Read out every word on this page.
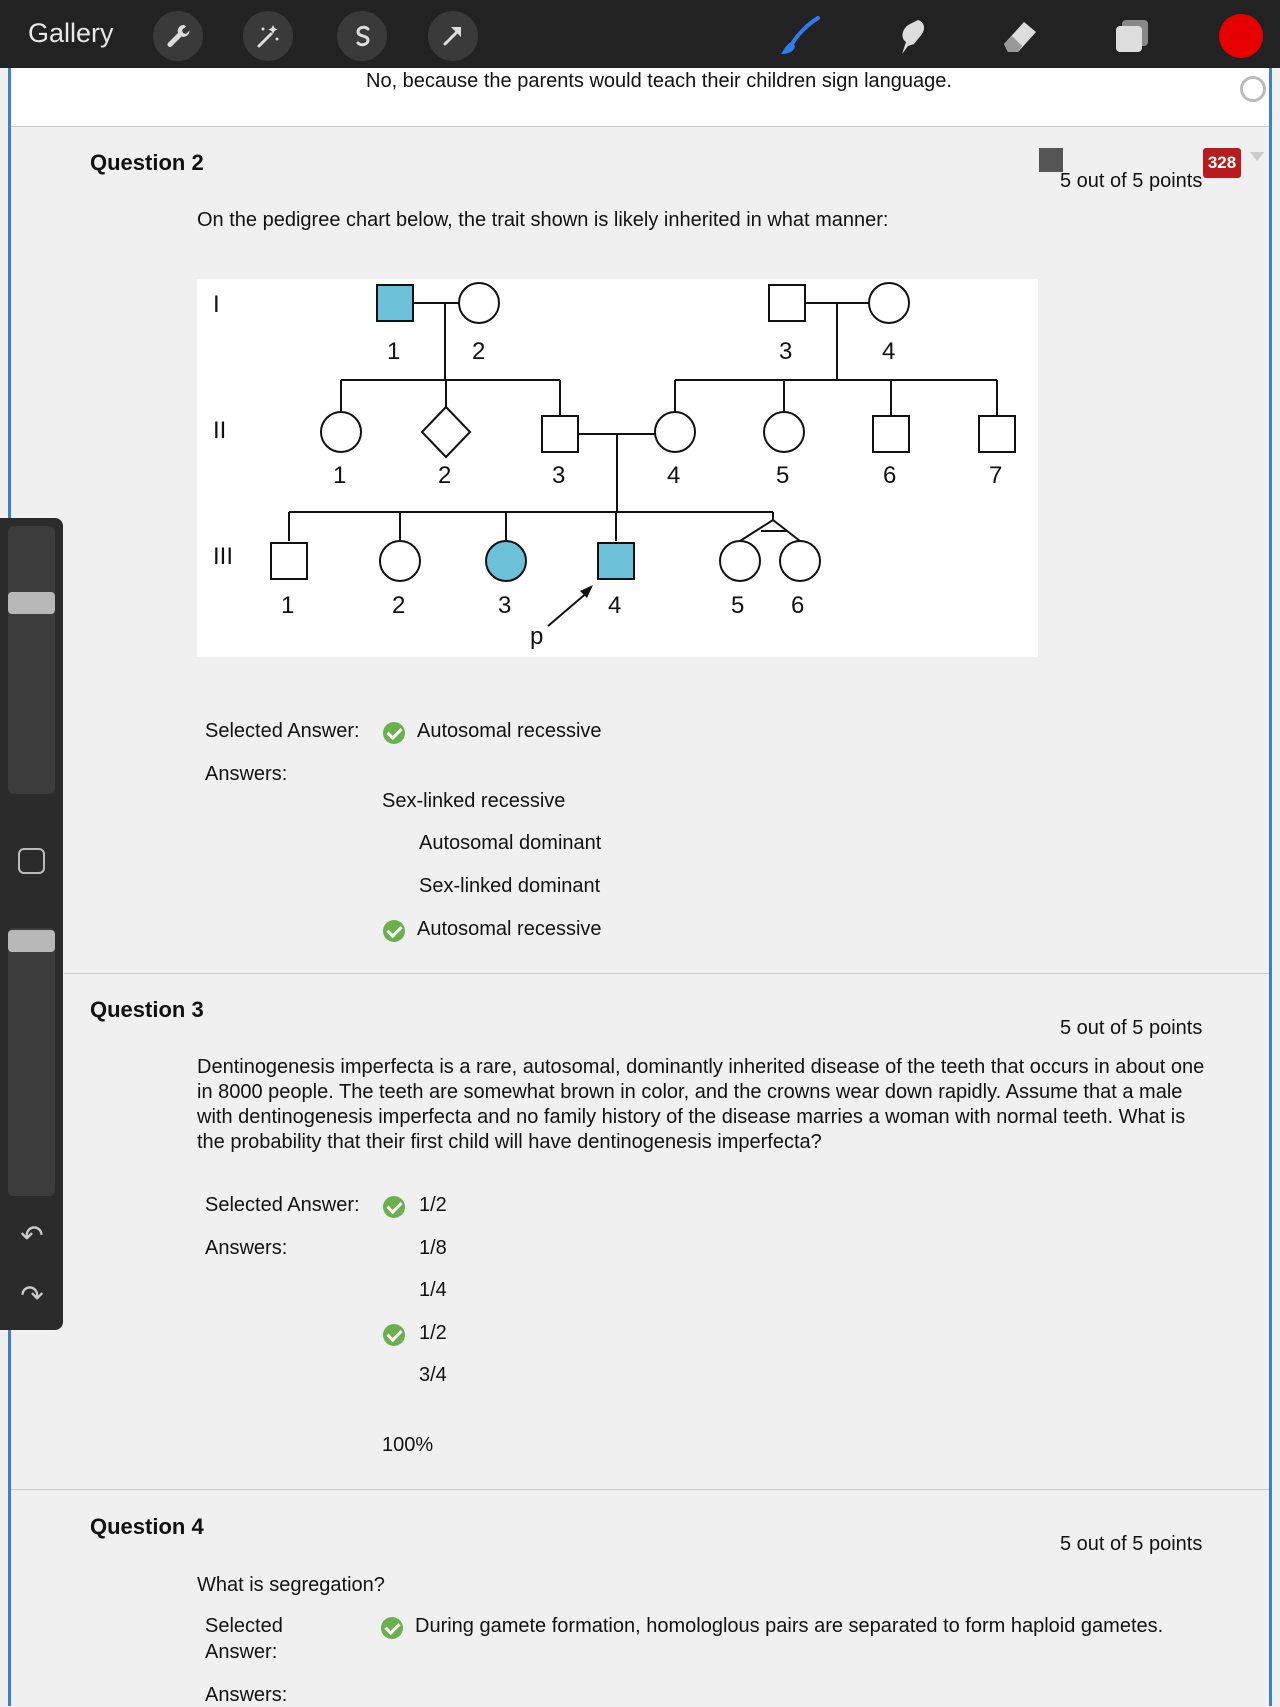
Gallery
No, because the parents would teach their children sign language.
Question 2
5 out of 5 points
328
On the pedigree chart below, the trait shown is likely inherited in what manner:
I
II
III
1	2	3	4
1	2	3	4	5	6	7
1	2	3	4	5 6
p
Selected Answer:	Autosomal recessive
Answers:
Sex-linked recessive
Autosomal dominant
Sex-linked dominant
Autosomal recessive
Question 3
5 out of 5 points
Dentinogenesis imperfecta is a rare, autosomal, dominantly inherited disease of the teeth that occurs in about one
in 8000 people. The teeth are somewhat brown in color, and the crowns wear down rapidly. Assume that a male
with dentinogenesis imperfecta and no family history of the disease marries a woman with normal teeth. What is
the probability that their first child will have dentinogenesis imperfecta?
Selected Answer:	1/2
Answers:	1/8
1/4
1/2
3/4
100%
Question 4
5 out of 5 points
What is segregation?
Selected
Answer:
During gamete formation, homologlous pairs are separated to form haploid gametes.
Answers:
↶
↷
